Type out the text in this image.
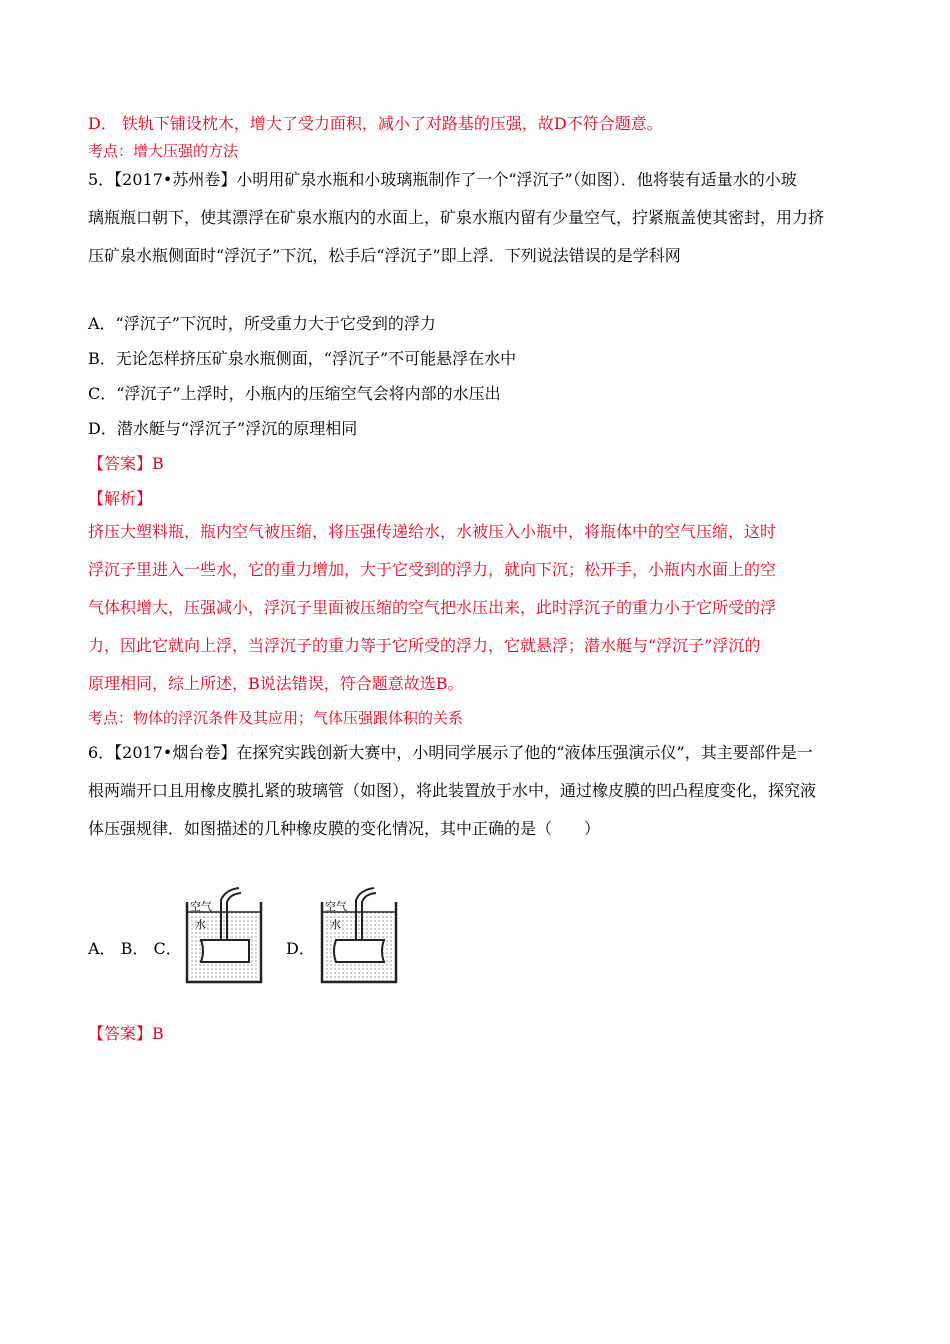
D． 铁轨下铺设枕木，增大了受力面积，减小了对路基的压强，故D不符合题意。
考点：增大压强的方法
5．【2017•苏州卷】小明用矿泉水瓶和小玻璃瓶制作了一个“浮沉子”（如图）．他将装有适量水的小玻
璃瓶瓶口朝下，使其漂浮在矿泉水瓶内的水面上，矿泉水瓶内留有少量空气，拧紧瓶盖使其密封，用力挤
压矿泉水瓶侧面时“浮沉子”下沉，松手后“浮沉子”即上浮．下列说法错误的是学科网
A．“浮沉子”下沉时，所受重力大于它受到的浮力
B．无论怎样挤压矿泉水瓶侧面，“浮沉子”不可能悬浮在水中
C．“浮沉子”上浮时，小瓶内的压缩空气会将内部的水压出
D．潜水艇与“浮沉子”浮沉的原理相同
【答案】B
【解析】
挤压大塑料瓶，瓶内空气被压缩，将压强传递给水，水被压入小瓶中，将瓶体中的空气压缩，这时
浮沉子里进入一些水，它的重力增加，大于它受到的浮力，就向下沉；松开手，小瓶内水面上的空
气体积增大，压强减小，浮沉子里面被压缩的空气把水压出来，此时浮沉子的重力小于它所受的浮
力，因此它就向上浮，当浮沉子的重力等于它所受的浮力，它就悬浮；潜水艇与“浮沉子”浮沉的
原理相同，综上所述，B说法错误，符合题意故选B。
考点：物体的浮沉条件及其应用；气体压强跟体积的关系
6．【2017•烟台卷】在探究实践创新大赛中，小明同学展示了他的“液体压强演示仪”，其主要部件是一
根两端开口且用橡皮膜扎紧的玻璃管（如图），将此装置放于水中，通过橡皮膜的凹凸程度变化，探究液
体压强规律．如图描述的几种橡皮膜的变化情况，其中正确的是（　　）
A． B． C．
空气
水
D．
空气
水
【答案】B
